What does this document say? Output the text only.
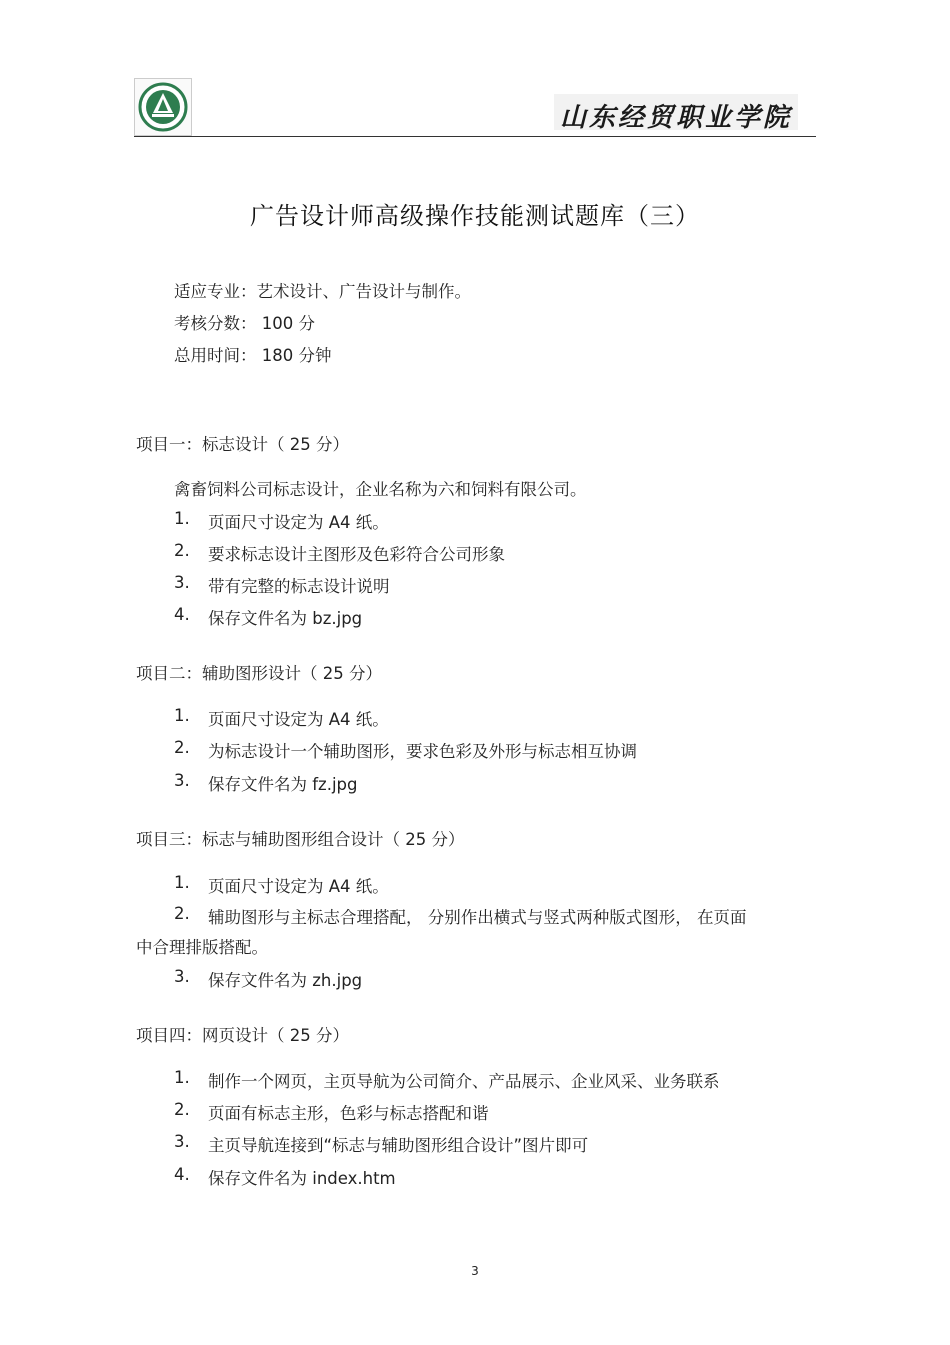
山东经贸职业学院
广告设计师高级操作技能测试题库（三）
适应专业：艺术设计、广告设计与制作。
考核分数： 100 分
总用时间： 180 分钟
项目一：标志设计（ 25 分）
禽畜饲料公司标志设计，企业名称为六和饲料有限公司。
1. 页面尺寸设定为 A4 纸。
2. 要求标志设计主图形及色彩符合公司形象
3. 带有完整的标志设计说明
4. 保存文件名为 bz.jpg
项目二：辅助图形设计（ 25 分）
1. 页面尺寸设定为 A4 纸。
2. 为标志设计一个辅助图形，要求色彩及外形与标志相互协调
3. 保存文件名为 fz.jpg
项目三：标志与辅助图形组合设计（ 25 分）
1. 页面尺寸设定为 A4 纸。
2. 辅助图形与主标志合理搭配， 分别作出横式与竖式两种版式图形， 在页面
中合理排版搭配。
3. 保存文件名为 zh.jpg
项目四：网页设计（ 25 分）
1. 制作一个网页，主页导航为公司简介、产品展示、企业风采、业务联系
2. 页面有标志主形，色彩与标志搭配和谐
3. 主页导航连接到“标志与辅助图形组合设计”图片即可
4. 保存文件名为 index.htm
3
